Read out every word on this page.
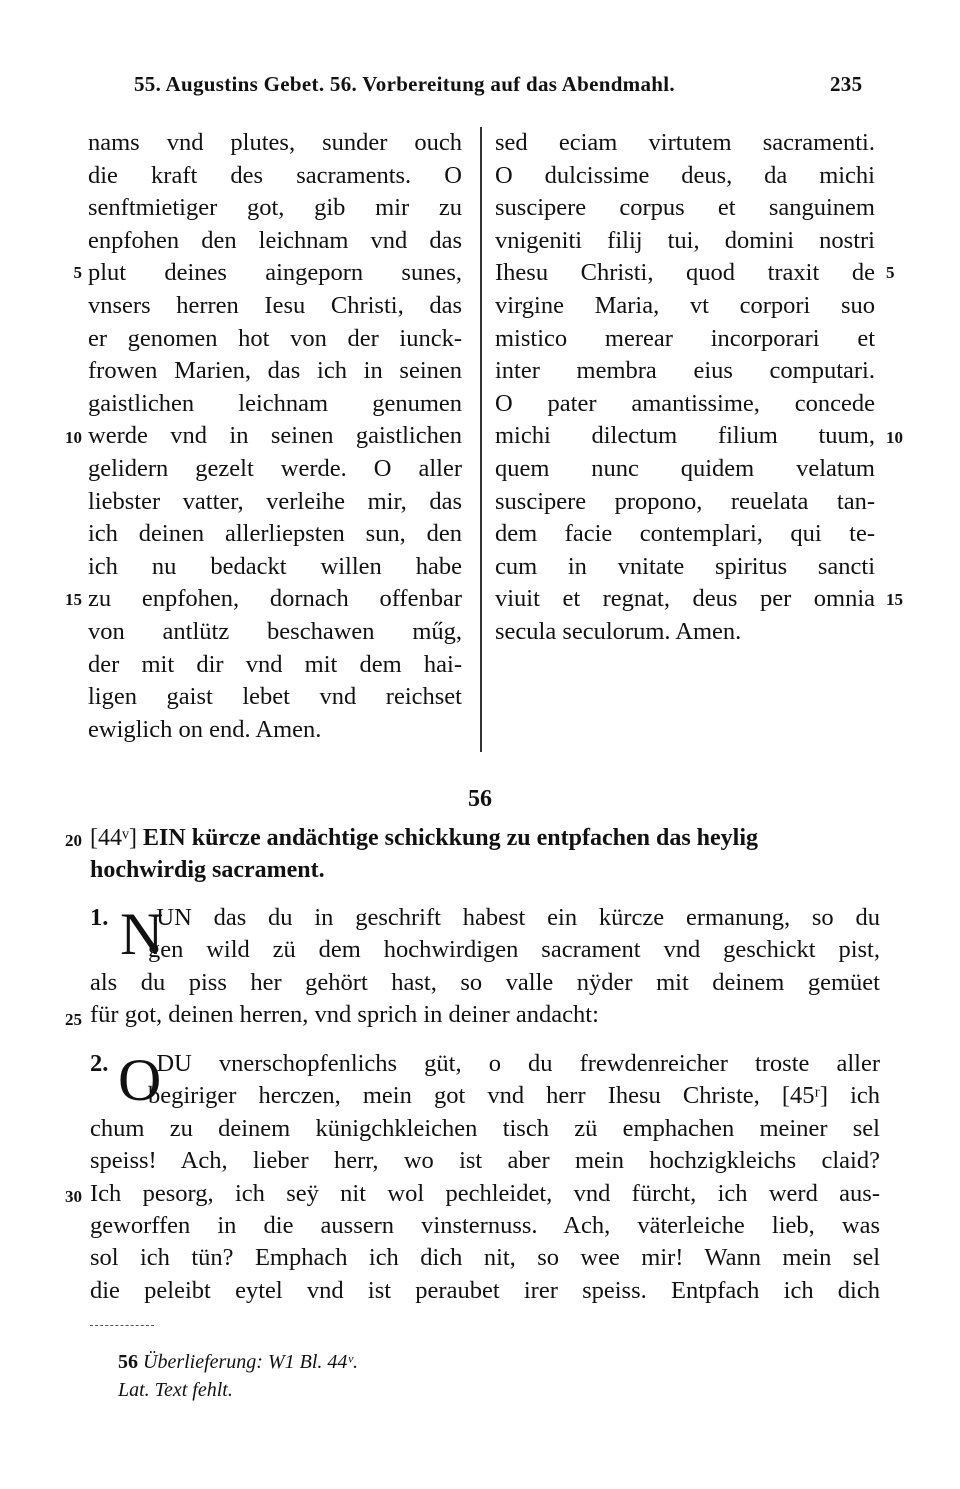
55. Augustins Gebet. 56. Vorbereitung auf das Abendmahl.	235
nams vnd plutes, sunder ouch
die kraft des sacraments. O
senftmietiger got, gib mir zu
enpfohen den leichnam vnd das
plut deines aingeporn sunes,
vnsers herren Iesu Christi, das
er genomen hot von der iunck-
frowen Marien, das ich in seinen
gaistlichen leichnam genumen
werde vnd in seinen gaistlichen
gelidern gezelt werde. O aller
liebster vatter, verleihe mir, das
ich deinen allerliepsten sun, den
ich nu bedackt willen habe
zu enpfohen, dornach offenbar
von antlütz beschawen műg,
der mit dir vnd mit dem hai-
ligen gaist lebet vnd reichset
ewiglich on end. Amen.
sed eciam virtutem sacramenti.
O dulcissime deus, da michi
suscipere corpus et sanguinem
vnigeniti filij tui, domini nostri
Ihesu Christi, quod traxit de
virgine Maria, vt corpori suo
mistico merear incorporari et
inter membra eius computari.
O pater amantissime, concede
michi dilectum filium tuum,
quem nunc quidem velatum
suscipere propono, reuelata tan-
dem facie contemplari, qui te-
cum in vnitate spiritus sancti
viuit et regnat, deus per omnia
secula seculorum. Amen.
5
10
15
5
10
15
20
25
30
56
[44ᵛ] EIN kürcze andächtige schickkung zu entpfachen das heylig
hochwirdig sacrament.
N
1. UN das du in geschrift habest ein kürcze ermanung, so du
gen wild zü dem hochwirdigen sacrament vnd geschickt pist,
als du piss her gehört hast, so valle nÿder mit deinem gemüet
für got, deinen herren, vnd sprich in deiner andacht:
O
2. DU vnerschopfenlichs güt, o du frewdenreicher troste aller
begiriger herczen, mein got vnd herr Ihesu Christe, [45ʳ] ich
chum zu deinem künigchkleichen tisch zü emphachen meiner sel
speiss! Ach, lieber herr, wo ist aber mein hochzigkleichs claid?
Ich pesorg, ich seÿ nit wol pechleidet, vnd fürcht, ich werd aus-
geworffen in die aussern vinsternuss. Ach, väterleiche lieb, was
sol ich tün? Emphach ich dich nit, so wee mir! Wann mein sel
die peleibt eytel vnd ist peraubet irer speiss. Entpfach ich dich
56 Überlieferung: W1 Bl. 44ᵛ.
Lat. Text fehlt.
